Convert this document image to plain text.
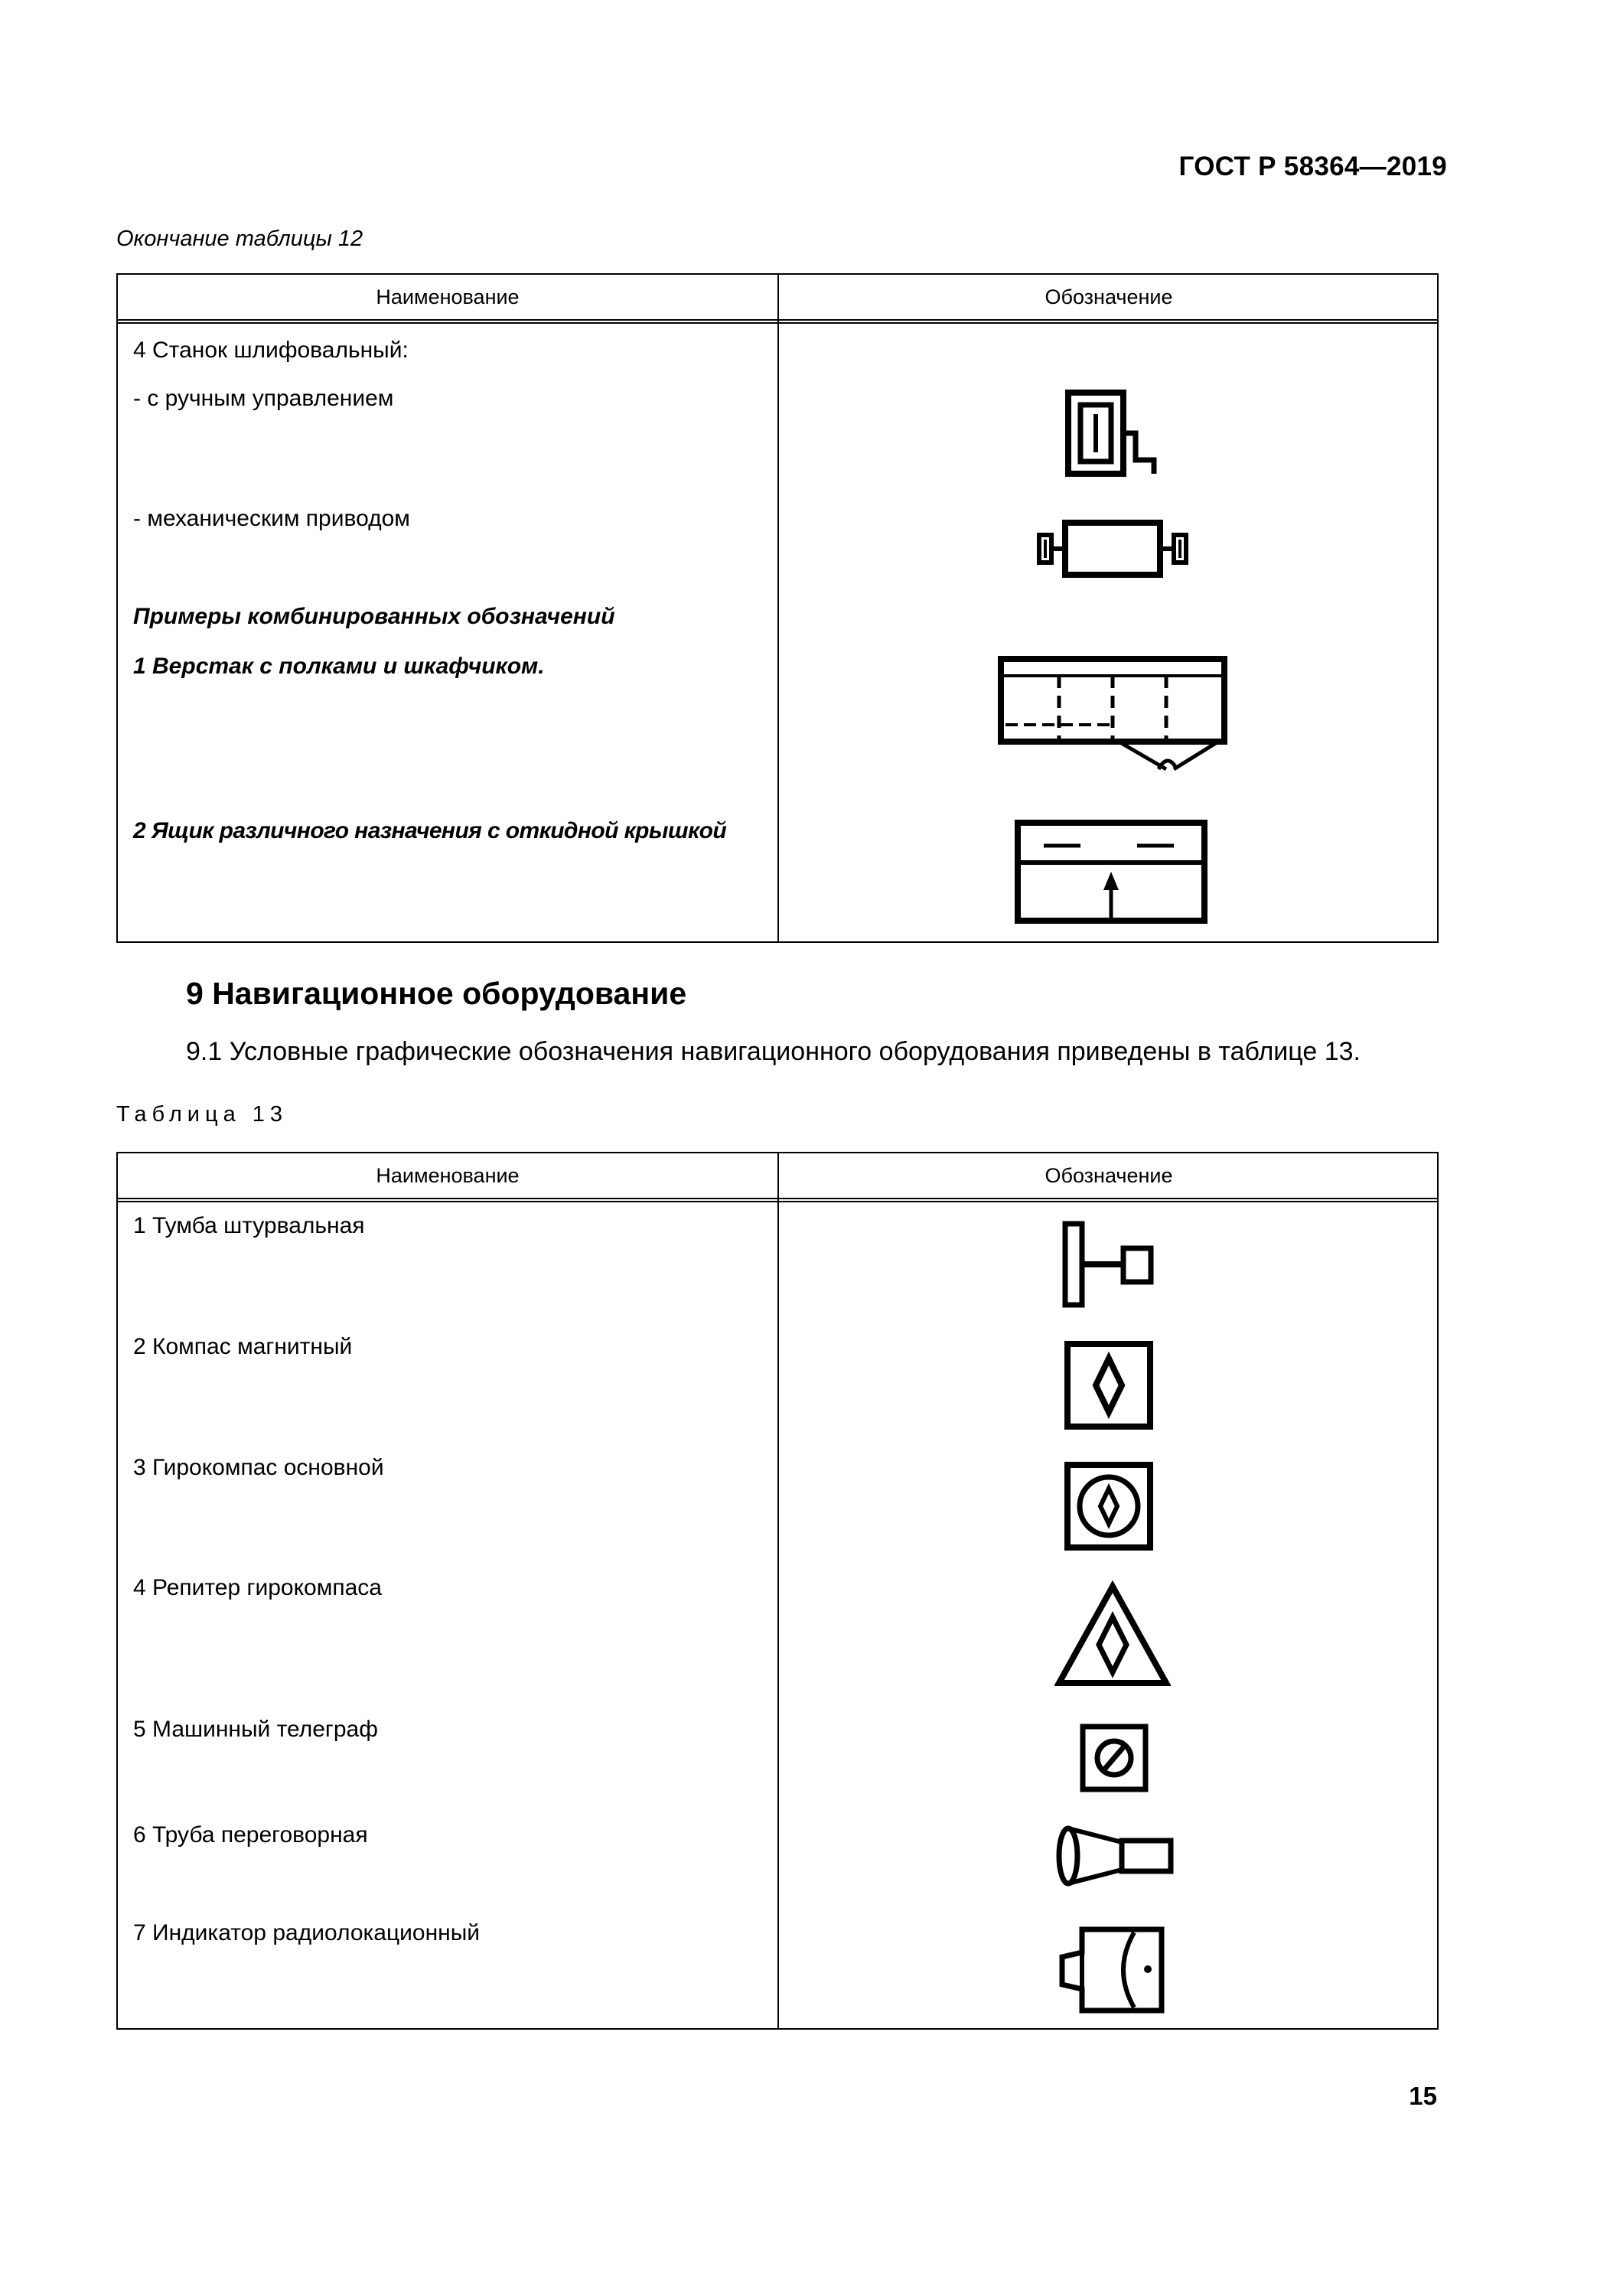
ГОСТ Р 58364—2019
Окончание таблицы 12
Наименование	Обозначение
4 Станок шлифовальный:
- с ручным управлением
- механическим приводом
Примеры комбинированных обозначений
1 Верстак с полками и шкафчиком.
2 Ящик различного назначения с откидной крышкой
9 Навигационное оборудование
9.1 Условные графические обозначения навигационного оборудования приведены в таблице 13.
Таблица 13
Наименование	Обозначение
1 Тумба штурвальная
2 Компас магнитный
3 Гирокомпас основной
4 Репитер гирокомпаса
5 Машинный телеграф
6 Труба переговорная
7 Индикатор радиолокационный
15
